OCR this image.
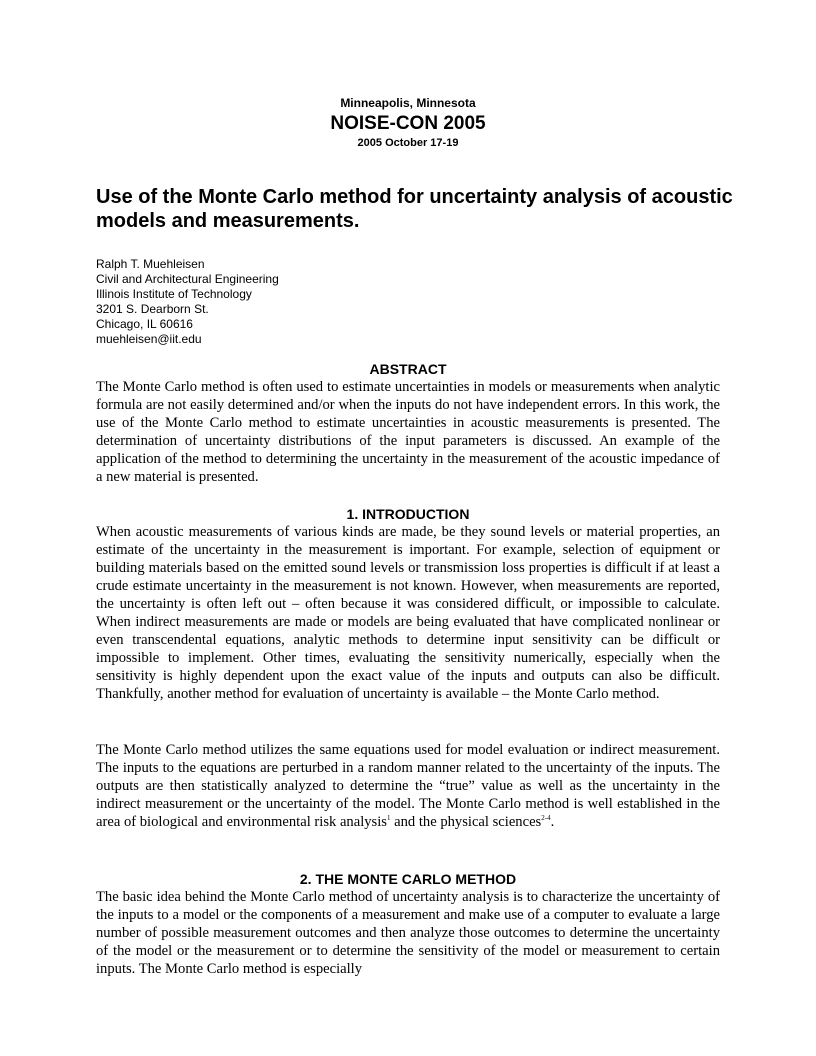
Minneapolis, Minnesota
NOISE-CON 2005
2005 October 17-19
Use of the Monte Carlo method for uncertainty analysis of acoustic models and measurements.
Ralph T. Muehleisen
Civil and Architectural Engineering
Illinois Institute of Technology
3201 S. Dearborn St.
Chicago, IL 60616
muehleisen@iit.edu
ABSTRACT

The Monte Carlo method is often used to estimate uncertainties in models or measurements when analytic formula are not easily determined and/or when the inputs do not have independent errors. In this work, the use of the Monte Carlo method to estimate uncertainties in acoustic measurements is presented. The determination of uncertainty distributions of the input parameters is discussed. An example of the application of the method to determining the uncertainty in the measurement of the acoustic impedance of a new material is presented.

1. INTRODUCTION

When acoustic measurements of various kinds are made, be they sound levels or material properties, an estimate of the uncertainty in the measurement is important. For example, selection of equipment or building materials based on the emitted sound levels or transmission loss properties is difficult if at least a crude estimate uncertainty in the measurement is not known. However, when measurements are reported, the uncertainty is often left out – often because it was considered difficult, or impossible to calculate. When indirect measurements are made or models are being evaluated that have complicated nonlinear or even transcendental equations, analytic methods to determine input sensitivity can be difficult or impossible to implement. Other times, evaluating the sensitivity numerically, especially when the sensitivity is highly dependent upon the exact value of the inputs and outputs can also be difficult. Thankfully, another method for evaluation of uncertainty is available – the Monte Carlo method.

The Monte Carlo method utilizes the same equations used for model evaluation or indirect measurement. The inputs to the equations are perturbed in a random manner related to the uncertainty of the inputs. The outputs are then statistically analyzed to determine the “true” value as well as the uncertainty in the indirect measurement or the uncertainty of the model. The Monte Carlo method is well established in the area of biological and environmental risk analysis$^1$ and the physical sciences$^{2-4}$.

2. THE MONTE CARLO METHOD

The basic idea behind the Monte Carlo method of uncertainty analysis is to characterize the uncertainty of the inputs to a model or the components of a measurement and make use of a computer to evaluate a large number of possible measurement outcomes and then analyze those outcomes to determine the uncertainty of the model or the measurement or to determine the sensitivity of the model or measurement to certain inputs. The Monte Carlo method is especially
